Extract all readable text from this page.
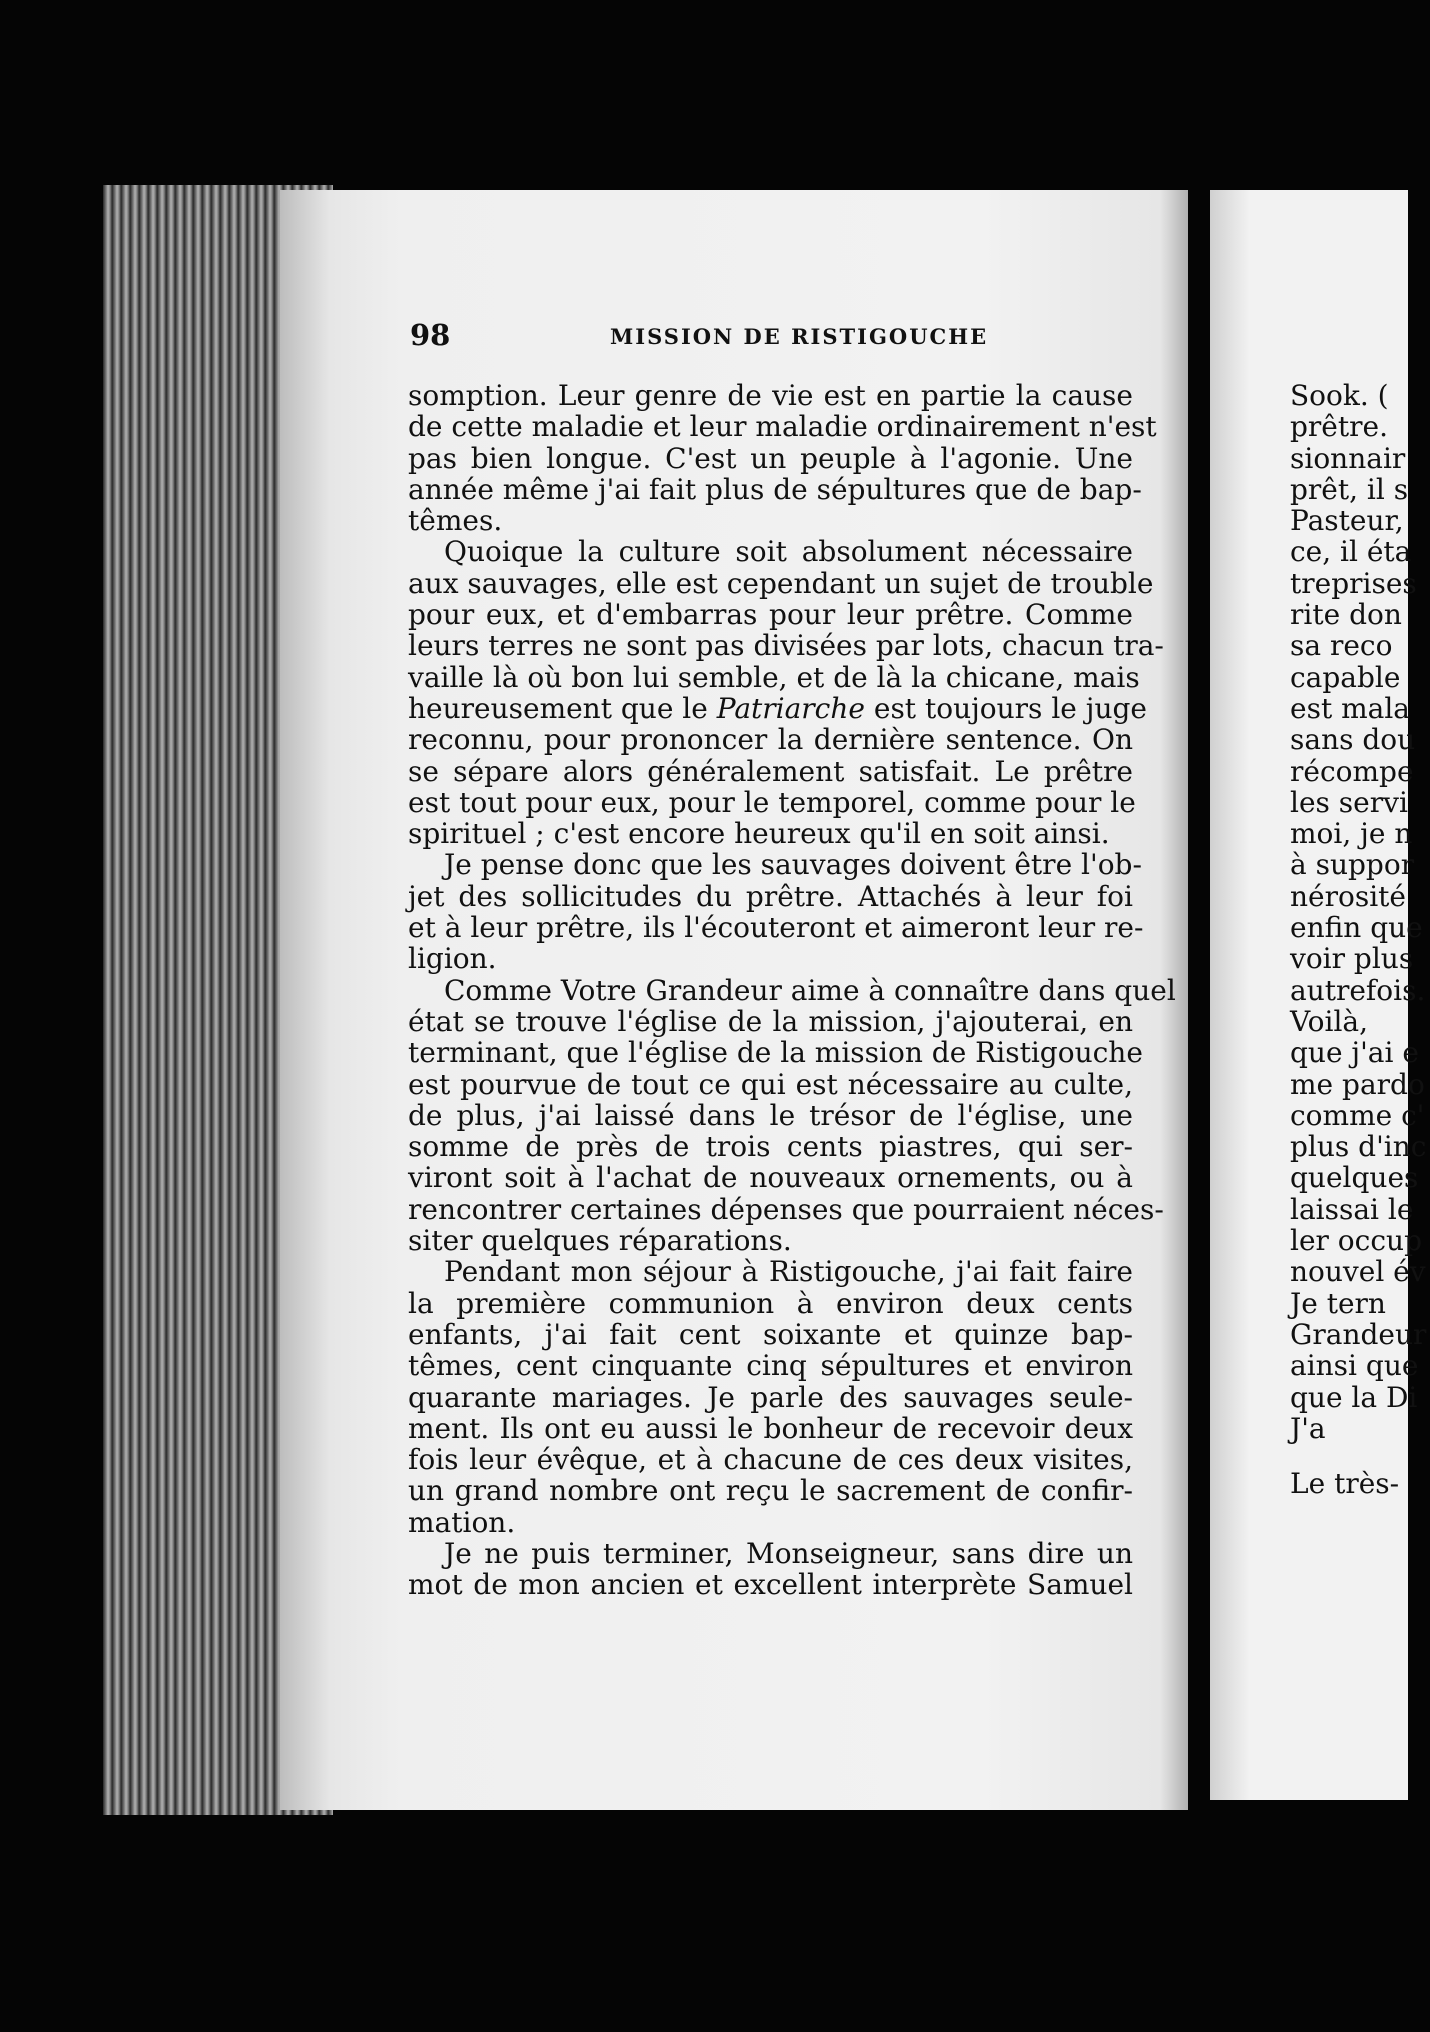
98	MISSION DE RISTIGOUCHE
somption. Leur genre de vie est en partie la cause
de cette maladie et leur maladie ordinairement n'est
pas bien longue. C'est un peuple à l'agonie. Une
année même j'ai fait plus de sépultures que de bap-
têmes.
Quoique la culture soit absolument nécessaire
aux sauvages, elle est cependant un sujet de trouble
pour eux, et d'embarras pour leur prêtre. Comme
leurs terres ne sont pas divisées par lots, chacun tra-
vaille là où bon lui semble, et de là la chicane, mais
heureusement que le Patriarche est toujours le juge
reconnu, pour prononcer la dernière sentence. On
se sépare alors généralement satisfait. Le prêtre
est tout pour eux, pour le temporel, comme pour le
spirituel ; c'est encore heureux qu'il en soit ainsi.
Je pense donc que les sauvages doivent être l'ob-
jet des sollicitudes du prêtre. Attachés à leur foi
et à leur prêtre, ils l'écouteront et aimeront leur re-
ligion.
Comme Votre Grandeur aime à connaître dans quel
état se trouve l'église de la mission, j'ajouterai, en
terminant, que l'église de la mission de Ristigouche
est pourvue de tout ce qui est nécessaire au culte,
de plus, j'ai laissé dans le trésor de l'église, une
somme de près de trois cents piastres, qui ser-
viront soit à l'achat de nouveaux ornements, ou à
rencontrer certaines dépenses que pourraient néces-
siter quelques réparations.
Pendant mon séjour à Ristigouche, j'ai fait faire
la première communion à environ deux cents
enfants, j'ai fait cent soixante et quinze bap-
têmes, cent cinquante cinq sépultures et environ
quarante mariages. Je parle des sauvages seule-
ment. Ils ont eu aussi le bonheur de recevoir deux
fois leur évêque, et à chacune de ces deux visites,
un grand nombre ont reçu le sacrement de confir-
mation.
Je ne puis terminer, Monseigneur, sans dire un
mot de mon ancien et excellent interprète Samuel
Sook. (
prêtre.
sionnair
prêt, il s
Pasteur,
ce, il éta
treprises
rite don
sa reco
capable
est mala
sans dou
récompe
les servi
moi, je n
à suppor
nérosité
enfin que
voir plus
autrefois.
Voilà,
que j'ai e
me pardo
comme c'
plus d'inc
quelques
laissai le
ler occup
nouvel év
Je tern
Grandeur
ainsi que
que la Di
J'a
Le très-
